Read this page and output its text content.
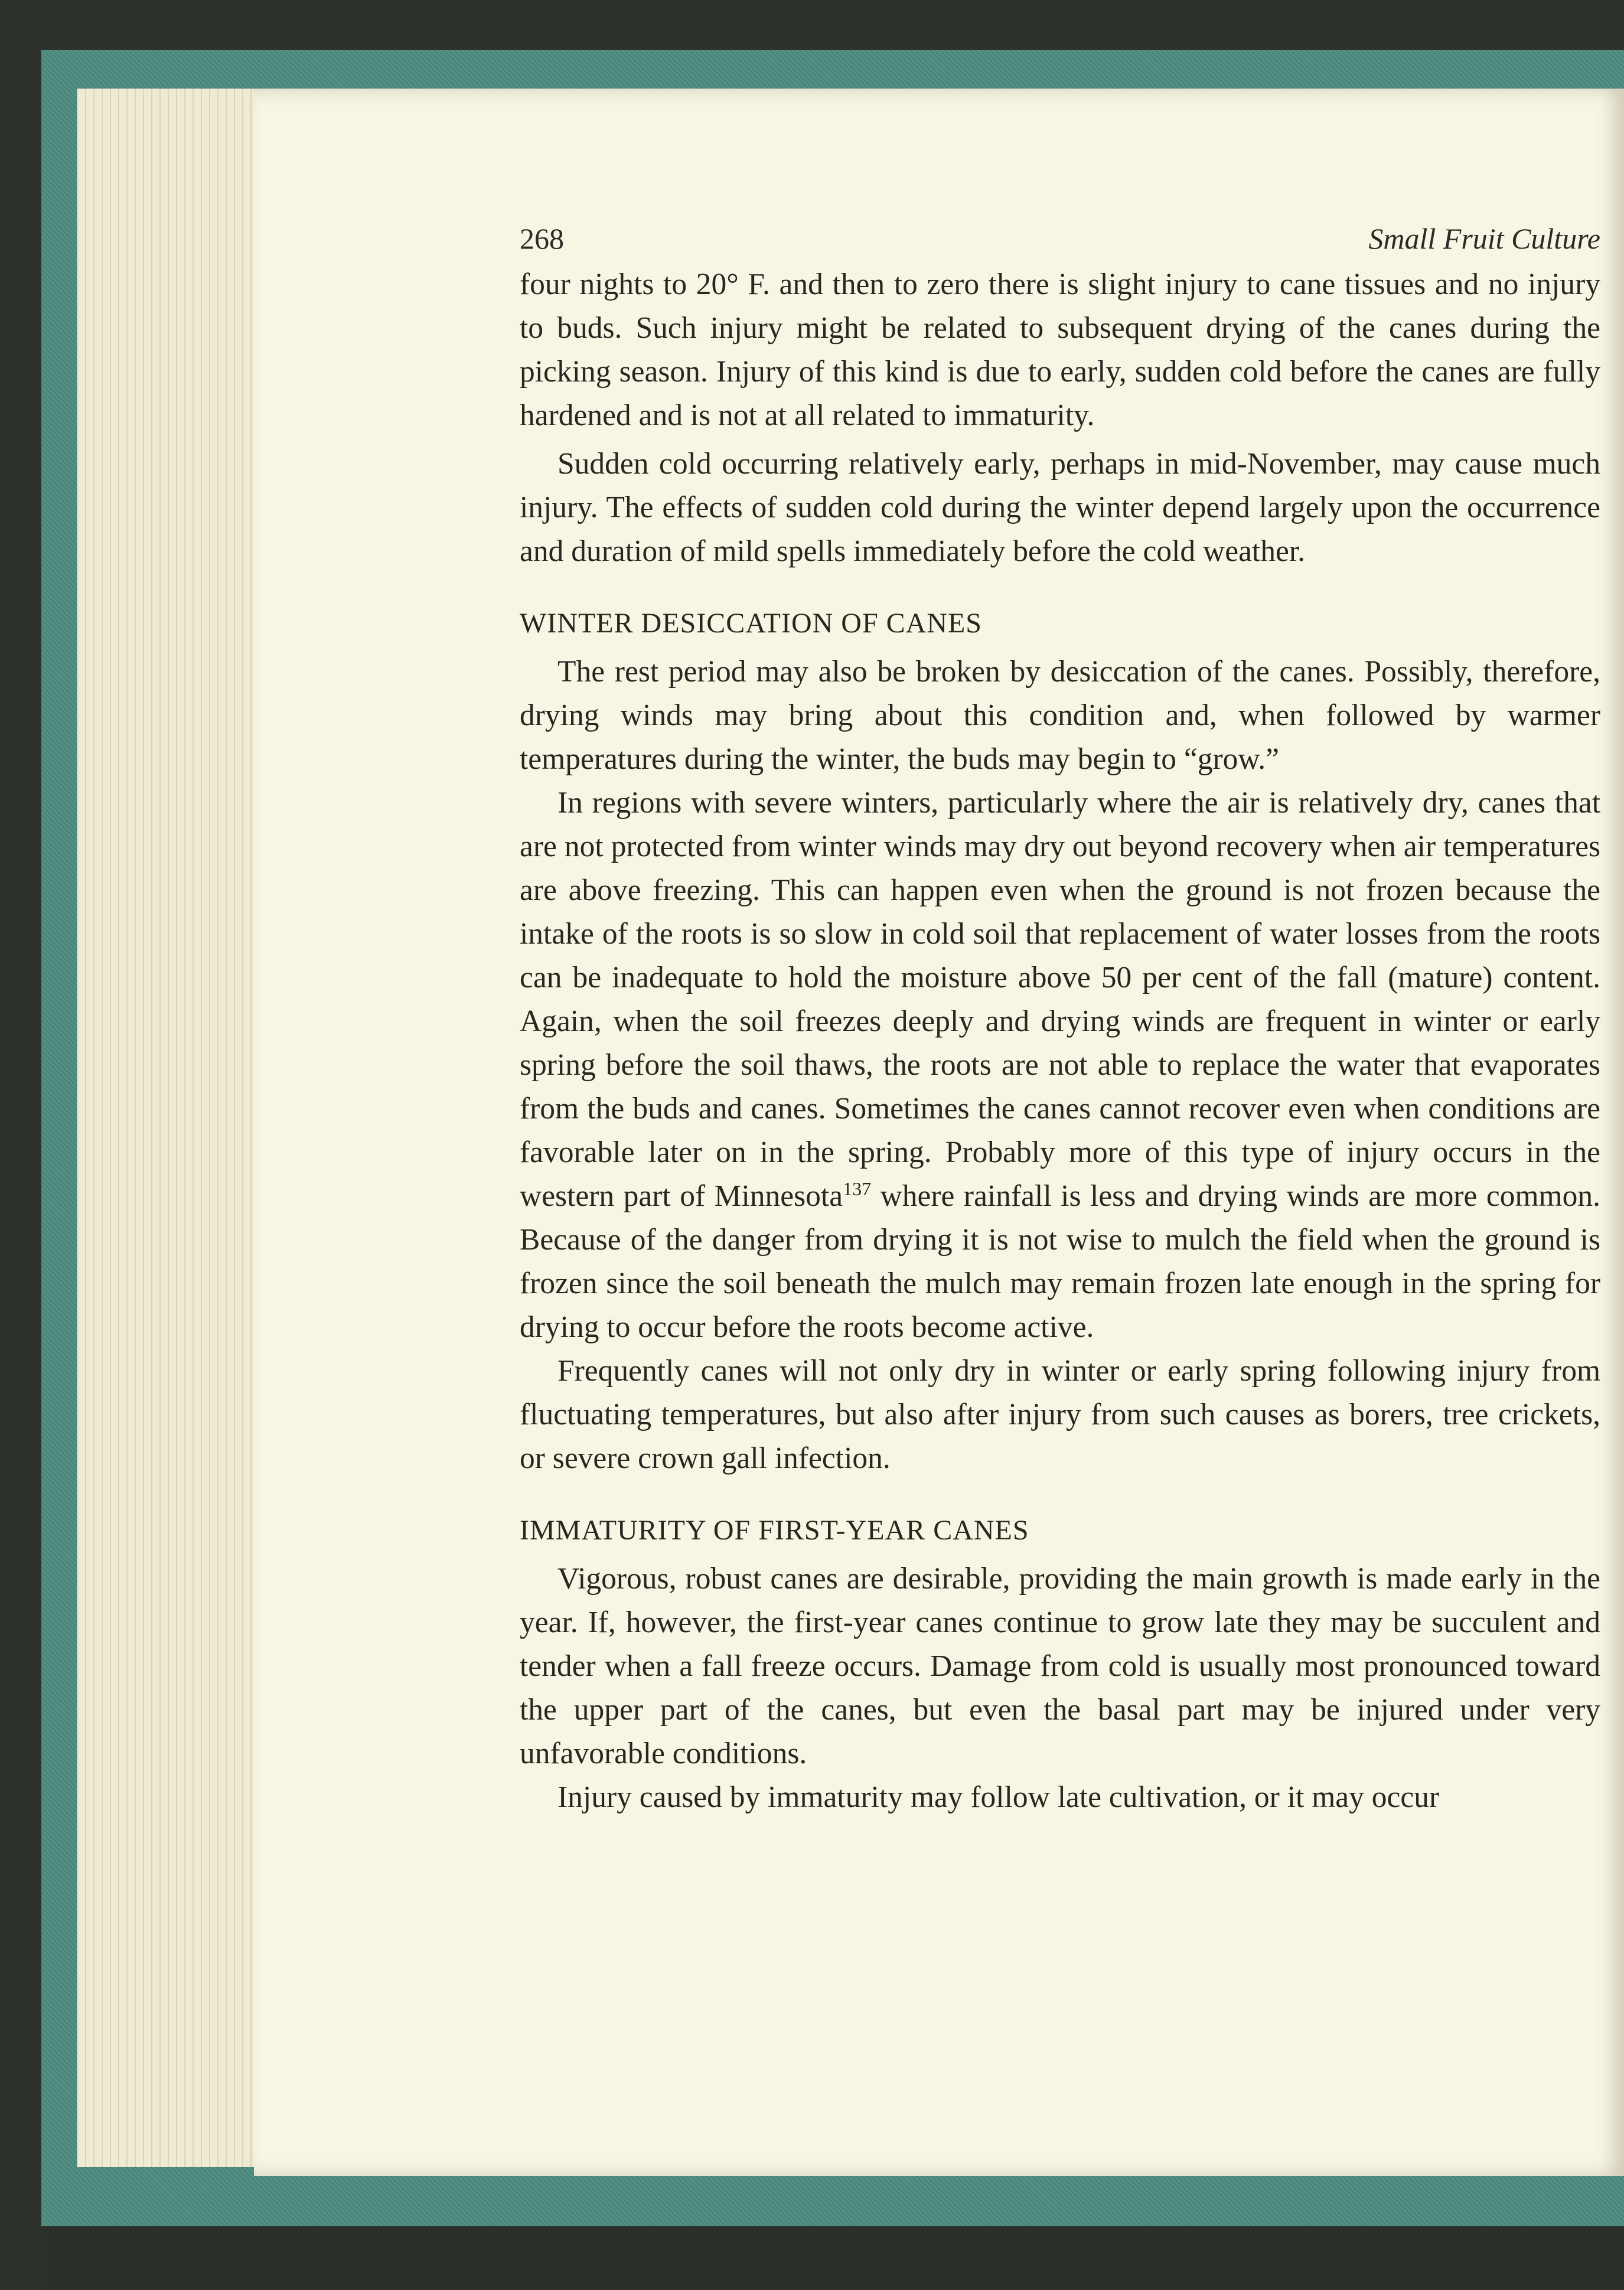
268	Small Fruit Culture

four nights to 20° F. and then to zero there is slight injury to cane tissues and no injury to buds. Such injury might be related to subsequent drying of the canes during the picking season. Injury of this kind is due to early, sudden cold before the canes are fully hardened and is not at all related to immaturity.

Sudden cold occurring relatively early, perhaps in mid-November, may cause much injury. The effects of sudden cold during the winter depend largely upon the occurrence and duration of mild spells immediately before the cold weather.

WINTER DESICCATION OF CANES

The rest period may also be broken by desiccation of the canes. Possibly, therefore, drying winds may bring about this condition and, when followed by warmer temperatures during the winter, the buds may begin to “grow.”

In regions with severe winters, particularly where the air is relatively dry, canes that are not protected from winter winds may dry out beyond recovery when air temperatures are above freezing. This can happen even when the ground is not frozen because the intake of the roots is so slow in cold soil that replacement of water losses from the roots can be inadequate to hold the moisture above 50 per cent of the fall (mature) content. Again, when the soil freezes deeply and drying winds are frequent in winter or early spring before the soil thaws, the roots are not able to replace the water that evaporates from the buds and canes. Sometimes the canes cannot recover even when conditions are favorable later on in the spring. Probably more of this type of injury occurs in the western part of Minnesota$^{137}$ where rainfall is less and drying winds are more common. Because of the danger from drying it is not wise to mulch the field when the ground is frozen since the soil beneath the mulch may remain frozen late enough in the spring for drying to occur before the roots become active.

Frequently canes will not only dry in winter or early spring following injury from fluctuating temperatures, but also after injury from such causes as borers, tree crickets, or severe crown gall infection.

IMMATURITY OF FIRST-YEAR CANES

Vigorous, robust canes are desirable, providing the main growth is made early in the year. If, however, the first-year canes continue to grow late they may be succulent and tender when a fall freeze occurs. Damage from cold is usually most pronounced toward the upper part of the canes, but even the basal part may be injured under very unfavorable conditions.

Injury caused by immaturity may follow late cultivation, or it may occur
